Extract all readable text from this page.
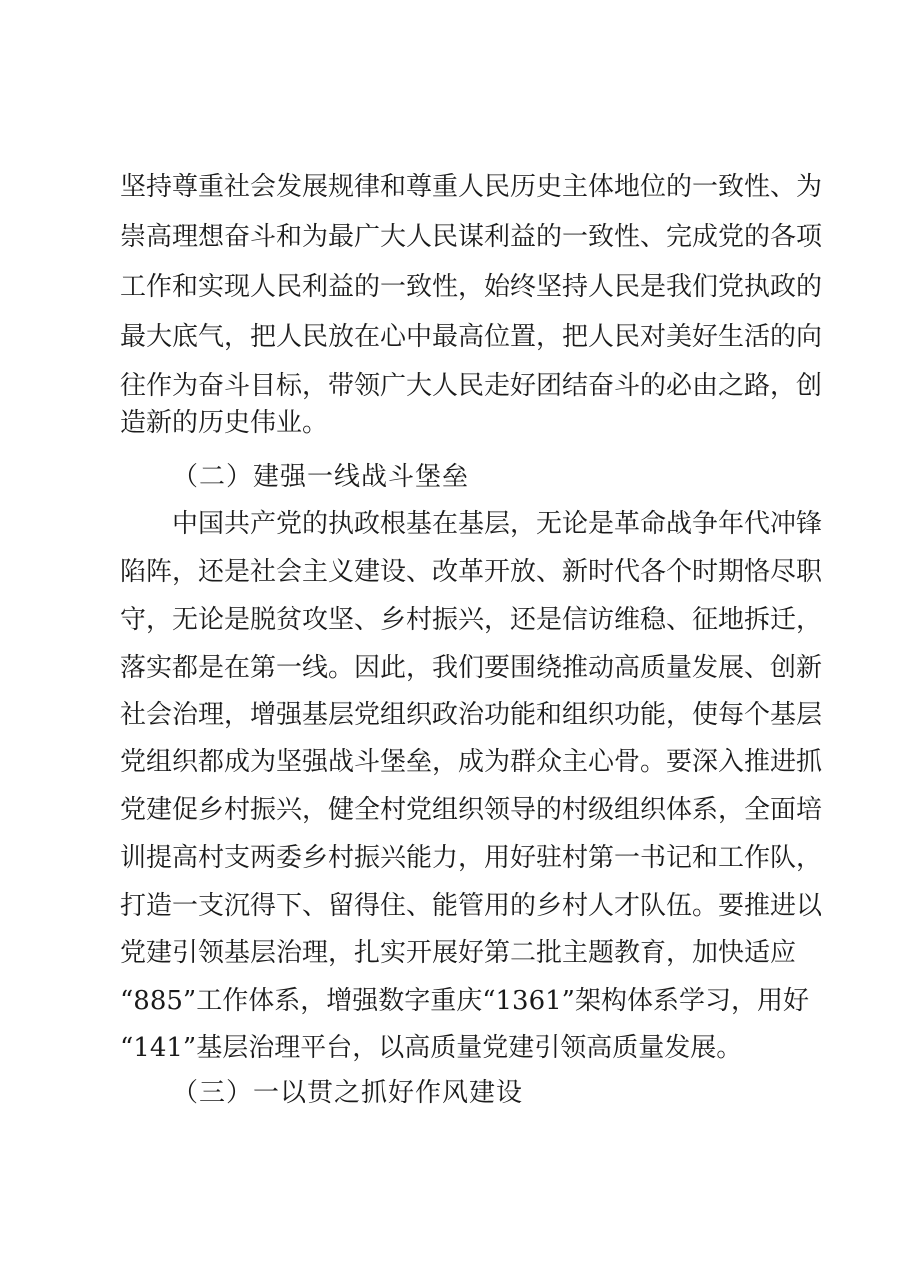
坚持尊重社会发展规律和尊重人民历史主体地位的一致性、为
崇高理想奋斗和为最广大人民谋利益的一致性、完成党的各项
工作和实现人民利益的一致性，始终坚持人民是我们党执政的
最大底气，把人民放在心中最高位置，把人民对美好生活的向
往作为奋斗目标，带领广大人民走好团结奋斗的必由之路，创
造新的历史伟业。
（二）建强一线战斗堡垒
中国共产党的执政根基在基层，无论是革命战争年代冲锋
陷阵，还是社会主义建设、改革开放、新时代各个时期恪尽职
守，无论是脱贫攻坚、乡村振兴，还是信访维稳、征地拆迁，
落实都是在第一线。因此，我们要围绕推动高质量发展、创新
社会治理，增强基层党组织政治功能和组织功能，使每个基层
党组织都成为坚强战斗堡垒，成为群众主心骨。要深入推进抓
党建促乡村振兴，健全村党组织领导的村级组织体系，全面培
训提高村支两委乡村振兴能力，用好驻村第一书记和工作队，
打造一支沉得下、留得住、能管用的乡村人才队伍。要推进以
党建引领基层治理，扎实开展好第二批主题教育，加快适应
“885”工作体系，增强数字重庆“1361”架构体系学习，用好
“141”基层治理平台，以高质量党建引领高质量发展。
（三）一以贯之抓好作风建设
